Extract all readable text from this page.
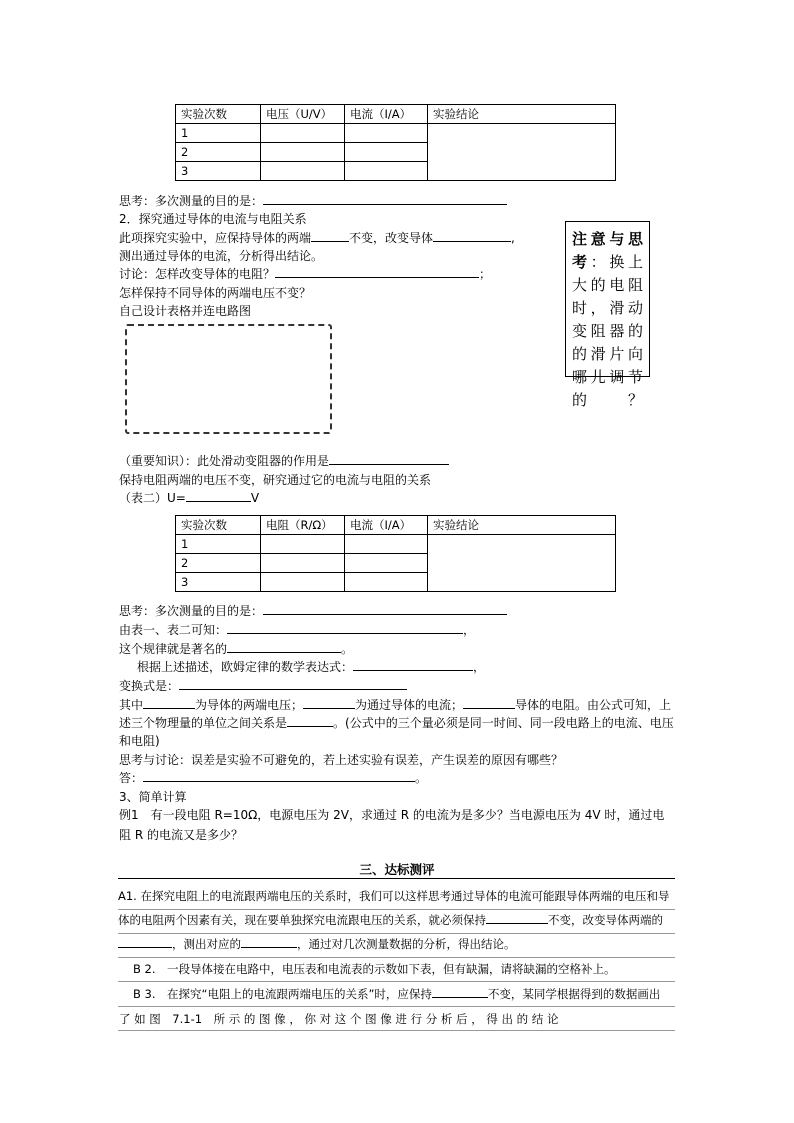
实验次数	电压（U/V）	电流（I/A）	实验结论
1			
2			
3			
思考：多次测量的目的是：
2．探究通过导体的电流与电阻关系
此项探究实验中，应保持导体的两端	不变，改变导体	,
测出通过导体的电流，分析得出结论。
讨论：怎样改变导体的电阻？	；
怎样保持不同导体的两端电压不变？
自己设计表格并连电路图
注意与思考：换上大的电阻时，滑动变阻器的的滑片向哪儿调节的？
（重要知识）：此处滑动变阻器的作用是
保持电阻两端的电压不变，研究通过它的电流与电阻的关系
（表二）U=	V
实验次数	电阻（R/Ω）	电流（I/A）	实验结论
1			
2			
3			
思考：多次测量的目的是：
由表一、表二可知：	，
这个规律就是著名的	。
根据上述描述，欧姆定律的数学表达式：	，
变换式是：
其中	为导体的两端电压；	为通过导体的电流；	导体的电阻。由公式可知，上
述三个物理量的单位之间关系是	。(公式中的三个量必须是同一时间、同一段电路上的电流、电压
和电阻)
思考与讨论：误差是实验不可避免的，若上述实验有误差，产生误差的原因有哪些？
答：	。
3、简单计算
例1　有一段电阻 R=10Ω，电源电压为 2V，求通过 R 的电流为是多少？当电源电压为 4V 时，通过电阻 R 的电流又是多少？
三、达标测评
A1. 在探究电阻上的电流跟两端电压的关系时，我们可以这样思考通过导体的电流可能跟导体两端的电压和导体的电阻两个因素有关，现在要单独探究电流跟电压的关系，就必须保持	不变，改变导体两端的，测出对应的	，通过对几次测量数据的分析，得出结论。
B 2.　一段导体接在电路中，电压表和电流表的示数如下表，但有缺漏，请将缺漏的空格补上。
B 3.　在探究“电阻上的电流跟两端电压的关系”时，应保持	不变，某同学根据得到的数据画出
了 如 图　7.1-1　所 示 的 图 像 ， 你 对 这 个 图 像 进 行 分 析 后 ， 得 出 的 结 论
